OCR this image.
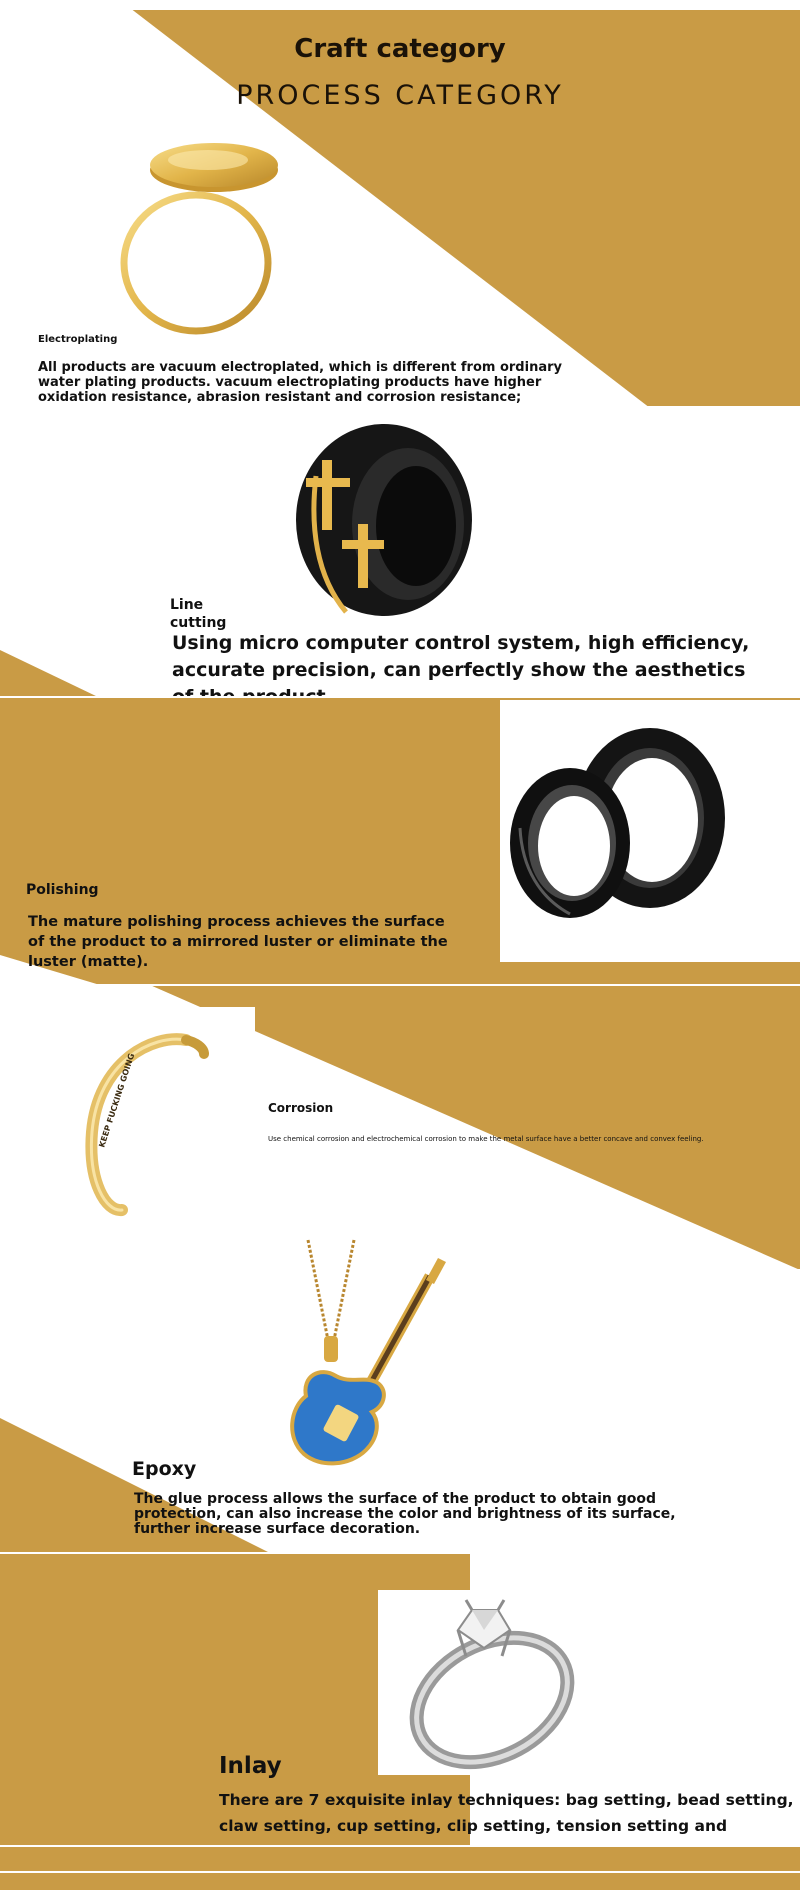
Craft category
PROCESS CATEGORY
Electroplating
All products are vacuum electroplated, which is different from ordinary water plating products. vacuum electroplating products have higher oxidation resistance, abrasion resistant and corrosion resistance;
Line cutting
Using micro computer control system, high efficiency, accurate precision, can perfectly show the aesthetics
Polishing
The mature polishing process achieves the surface of the product to a mirrored luster or eliminate the luster (matte).
KEEP FUCKING GOING	Corrosion
Use chemical corrosion and electrochemical corrosion to make the metal surface have a better concave and convex feeling.
Epoxy
The glue process allows the surface of the product to obtain good protection, can also increase the color and brightness of its surface, further increase surface decoration.
Inlay
There are 7 exquisite inlay techniques: bag setting, bead setting, claw setting, cup setting, clip setting, tension setting and
